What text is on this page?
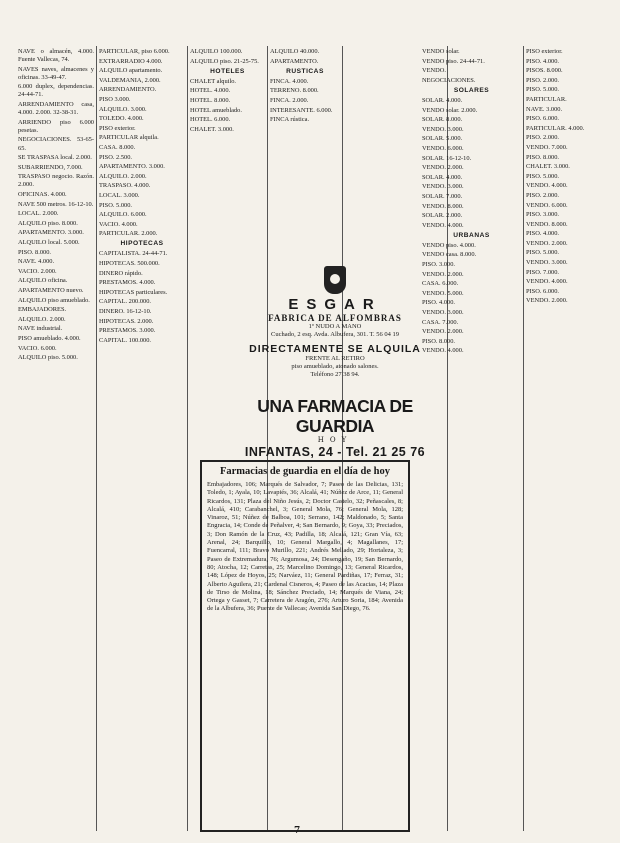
NAVE o almacén, 4.000. Fuente Vallecas, 74.
NAVES naves, almacenes y oficinas. 33-49-47.
6.000 duplex, dependencias. 24-44-71.
ARRENDAMIENTO casa, 4.000. 2.000. 32-38-31.
ARRIENDO piso 6.000 pesetas.
NEGOCIACIONES. 53-65-65.
SE TRASPASA local. 2.000.
SUBARRIENDO, 7.000.
TRASPASO negocio. Razón. 2.000.
OFICINAS. 4.000.
NAVE 500 metros. 16-12-10.
LOCAL. 2.000.
ALQUILO piso. 8.000.
APARTAMENTO. 3.000.
ALQUILO local. 5.000.
PISO. 8.000.
NAVE. 4.000.
VACIO. 2.000.
ALQUILO oficina.
APARTAMENTO nuevo.
ALQUILO piso amueblado.
EMBAJADORES.
ALQUILO. 2.000.
NAVE industrial.
PISO amueblado. 4.000.
VACIO. 6.000.
ALQUILO piso. 5.000.
PARTICULAR, piso 6.000.
EXTRARRADIO 4.000.
ALQUILO apartamento.
VALDEMANIA, 2.000.
ARRENDAMIENTO.
PISO 3.000.
ALQUILO. 3.000.
TOLEDO. 4.000.
PISO exterior.
PARTICULAR alquila.
CASA. 8.000.
PISO. 2.500.
APARTAMENTO. 3.000.
ALQUILO. 2.000.
TRASPASO. 4.000.
LOCAL. 3.000.
PISO. 5.000.
ALQUILO. 6.000.
VACIO. 4.000.
PARTICULAR. 2.000.
HIPOTECAS
CAPITALISTA. 24-44-71.
HIPOTECAS. 500.000.
DINERO rápido.
PRESTAMOS. 4.000.
HIPOTECAS particulares.
CAPITAL. 200.000.
DINERO. 16-12-10.
HIPOTECAS. 2.000.
PRESTAMOS. 3.000.
CAPITAL. 100.000.
ALQUILO 100.000.
ALQUILO piso. 21-25-75.
HOTELES
CHALET alquilo.
HOTEL. 4.000.
HOTEL. 8.000.
HOTEL amueblado.
HOTEL. 6.000.
CHALET. 3.000.
ALQUILO 40.000.
APARTAMENTO.
RUSTICAS
FINCA. 4.000.
TERRENO. 8.000.
FINCA. 2.000.
INTERESANTE. 6.000.
FINCA rústica.
VENDO solar.
VENDO piso. 24-44-71.
VENDO.
NEGOCIACIONES.
SOLARES
SOLAR. 4.000.
VENDO solar. 2.000.
SOLAR. 8.000.
VENDO. 3.000.
SOLAR. 5.000.
VENDO. 6.000.
SOLAR. 16-12-10.
VENDO. 2.000.
SOLAR. 4.000.
VENDO. 3.000.
SOLAR. 7.000.
VENDO. 8.000.
SOLAR. 2.000.
VENDO. 4.000.
URBANAS
VENDO piso. 4.000.
VENDO casa. 8.000.
PISO. 3.000.
VENDO. 2.000.
CASA. 6.000.
VENDO. 5.000.
PISO. 4.000.
VENDO. 3.000.
CASA. 7.000.
VENDO. 2.000.
PISO. 8.000.
VENDO. 4.000.
PISO exterior.
PISO. 4.000.
PISOS. 8.000.
PISO. 2.000.
PISO. 5.000.
PARTICULAR.
NAVE. 3.000.
PISO. 6.000.
PARTICULAR. 4.000.
PISO. 2.000.
VENDO. 7.000.
PISO. 8.000.
CHALET. 3.000.
PISO. 5.000.
VENDO. 4.000.
PISO. 2.000.
VENDO. 6.000.
PISO. 3.000.
VENDO. 8.000.
PISO. 4.000.
VENDO. 2.000.
PISO. 5.000.
VENDO. 3.000.
PISO. 7.000.
VENDO. 4.000.
PISO. 6.000.
VENDO. 2.000.
ESGAR
FABRICA DE ALFOMBRAS
1º NUDO A MANO
Cuchado, 2 esq. Avda. Albufera, 301. T. 56 04 19
DIRECTAMENTE SE ALQUILA
FRENTE AL RETIRO
piso amueblado, atonado salones.
Teléfono 27 38 94.
UNA FARMACIA DE GUARDIA
HOY
INFANTAS, 24 - Tel. 21 25 76
Farmacias de guardia en el día de hoy
Embajadores, 106; Marqués de Salvador, 7; Paseo de las Delicias, 131; Toledo, 1; Ayala, 10; Lavapiés, 36; Alcalá, 41; Núñez de Arce, 11; General Ricardos, 131; Plaza del Niño Jesús, 2; Doctor Castelo, 32; Peñascales, 8; Alcalá, 410; Carabanchel, 3; General Mola, 76; General Mola, 128; Vinaroz, 51; Núñez de Balboa, 101; Serrano, 142; Maldonado, 5; Santa Engracia, 14; Conde de Peñalver, 4; San Bernardo, 9; Goya, 33; Preciados, 3; Don Ramón de la Cruz, 43; Padilla, 18; Alcalá, 121; Gran Vía, 63; Arenal, 24; Barquillo, 10; General Margallo, 4; Magallanes, 17; Fuencarral, 111; Bravo Murillo, 221; Andrés Mellado, 29; Hortaleza, 3; Paseo de Extremadura, 76; Argumosa, 24; Desengaño, 19; San Bernardo, 80; Atocha, 12; Carretas, 25; Marcelino Domingo, 13; General Ricardos, 148; López de Hoyos, 25; Narváez, 11; General Pardiñas, 17; Ferraz, 31; Alberto Aguilera, 21; Cardenal Cisneros, 4; Paseo de las Acacias, 14; Plaza de Tirso de Molina, 18; Sánchez Preciado, 14; Marqués de Viana, 24; Ortega y Gasset, 7; Carretera de Aragón, 276; Arturo Soria, 184; Avenida de la Albufera, 36; Puente de Vallecas; Avenida San Diego, 76.
7
